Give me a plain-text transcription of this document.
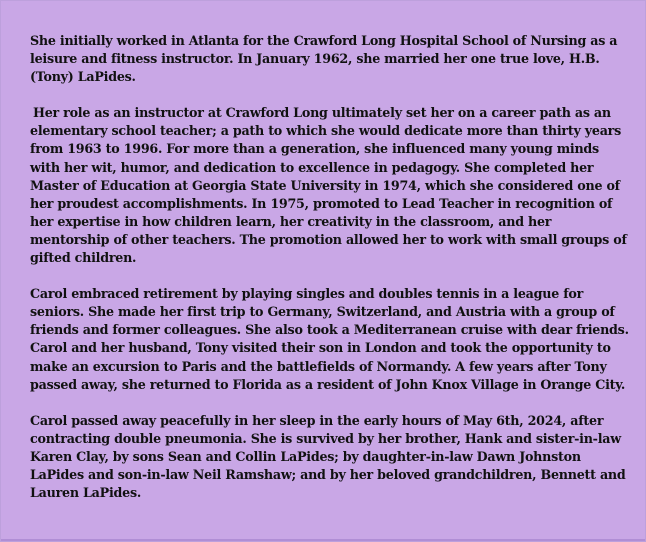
She initially worked in Atlanta for the Crawford Long Hospital School of Nursing as a leisure and fitness instructor. In January 1962, she married her one true love, H.B. (Tony) LaPides.

Her role as an instructor at Crawford Long ultimately set her on a career path as an elementary school teacher; a path to which she would dedicate more than thirty years from 1963 to 1996. For more than a generation, she influenced many young minds with her wit, humor, and dedication to excellence in pedagogy. She completed her Master of Education at Georgia State University in 1974, which she considered one of her proudest accomplishments. In 1975, promoted to Lead Teacher in recognition of her expertise in how children learn, her creativity in the classroom, and her mentorship of other teachers. The promotion allowed her to work with small groups of gifted children.

Carol embraced retirement by playing singles and doubles tennis in a league for seniors. She made her first trip to Germany, Switzerland, and Austria with a group of friends and former colleagues. She also took a Mediterranean cruise with dear friends. Carol and her husband, Tony visited their son in London and took the opportunity to make an excursion to Paris and the battlefields of Normandy. A few years after Tony passed away, she returned to Florida as a resident of John Knox Village in Orange City.

Carol passed away peacefully in her sleep in the early hours of May 6th, 2024, after contracting double pneumonia. She is survived by her brother, Hank and sister-in-law Karen Clay, by sons Sean and Collin LaPides; by daughter-in-law Dawn Johnston LaPides and son-in-law Neil Ramshaw; and by her beloved grandchildren, Bennett and Lauren LaPides.
